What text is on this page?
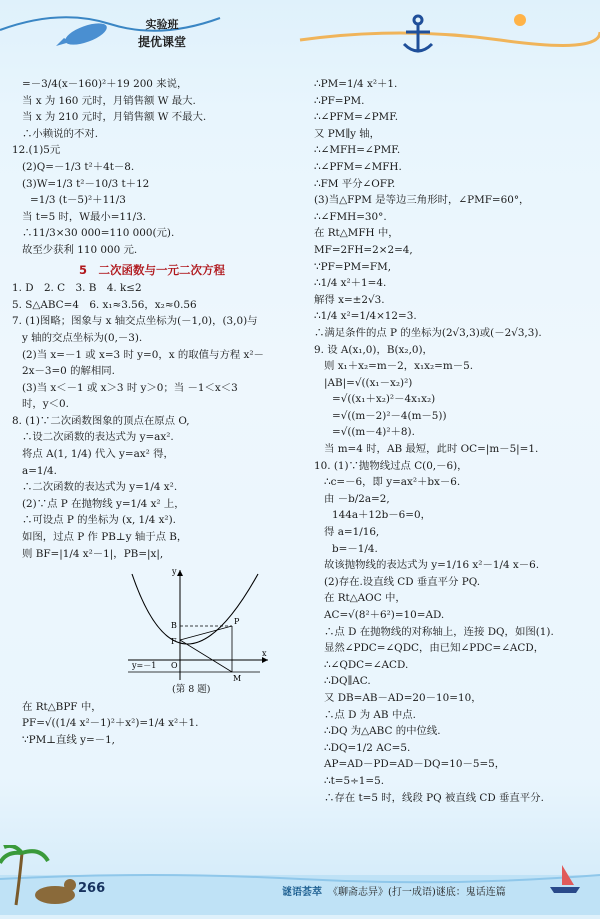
实验班
提优课堂
=－3/4(x－160)²＋19 200 来说，
当 x 为 160 元时，月销售额 W 最大.
当 x 为 210 元时，月销售额 W 不最大.
∴小赖说的不对.
12.(1)5元
(2)Q=－1/3 t²＋4t－8.
(3)W=1/3 t²－10/3 t＋12
=1/3 (t－5)²＋11/3
当 t=5 时，W最小=11/3.
∴11/3×30 000=110 000(元).
故至少获利 110 000 元.
5　二次函数与一元二次方程
1. D　2. C　3. B　4. k≤2
5. S△ABC=4　6. x₁≈3.56，x₂≈0.56
7. (1)图略；图象与 x 轴交点坐标为(－1,0)，(3,0)与
y 轴的交点坐标为(0,－3).
(2)当 x=－1 或 x=3 时 y=0，x 的取值与方程 x²－
2x－3=0 的解相同.
(3)当 x＜－1 或 x＞3 时 y＞0；当 －1＜x＜3
时，y＜0.
8. (1)∵二次函数图象的顶点在原点 O,
∴设二次函数的表达式为 y=ax².
将点 A(1, 1/4) 代入 y=ax² 得，
a=1/4.
∴二次函数的表达式为 y=1/4 x².
(2)∵点 P 在抛物线 y=1/4 x² 上，
∴可设点 P 的坐标为 (x, 1/4 x²).
如图，过点 P 作 PB⊥y 轴于点 B，
则 BF=|1/4 x²－1|，PB=|x|,
y
x
B	P
F
O
y=－1
M
(第 8 题)
在 Rt△BPF 中，
PF=√((1/4 x²－1)²＋x²)=1/4 x²＋1.
∵PM⊥直线 y=－1,
∴PM=1/4 x²＋1.
∴PF=PM.
∴∠PFM=∠PMF.
又 PM∥y 轴，
∴∠MFH=∠PMF.
∴∠PFM=∠MFH.
∴FM 平分∠OFP.
(3)当△FPM 是等边三角形时，∠PMF=60°，
∴∠FMH=30°.
在 Rt△MFH 中，
MF=2FH=2×2=4,
∵PF=PM=FM,
∴1/4 x²＋1=4.
解得 x=±2√3.
∴1/4 x²=1/4×12=3.
∴满足条件的点 P 的坐标为(2√3,3)或(－2√3,3).
9. 设 A(x₁,0)，B(x₂,0)，
则 x₁＋x₂=m－2，x₁x₂=m－5.
|AB|=√((x₁－x₂)²)
=√((x₁＋x₂)²－4x₁x₂)
=√((m－2)²－4(m－5))
=√((m－4)²＋8).
当 m=4 时，AB 最短，此时 OC=|m－5|=1.
10. (1)∵抛物线过点 C(0,－6)，
∴c=－6，即 y=ax²＋bx－6.
由 －b/2a=2,
144a＋12b－6=0，
得 a=1/16,
b=－1/4.
故该抛物线的表达式为 y=1/16 x²－1/4 x－6.
(2)存在.设直线 CD 垂直平分 PQ.
在 Rt△AOC 中，
AC=√(8²＋6²)=10=AD.
∴点 D 在抛物线的对称轴上，连接 DQ，如图(1).
显然∠PDC=∠QDC，由已知∠PDC=∠ACD，
∴∠QDC=∠ACD.
∴DQ∥AC.
又 DB=AB－AD=20－10=10，
∴点 D 为 AB 中点.
∴DQ 为△ABC 的中位线.
∴DQ=1/2 AC=5.
AP=AD－PD=AD－DQ=10－5=5，
∴t=5÷1=5.
∴存在 t=5 时，线段 PQ 被直线 CD 垂直平分.
266	谜语荟萃 《聊斋志异》(打一成语)谜底：鬼话连篇
